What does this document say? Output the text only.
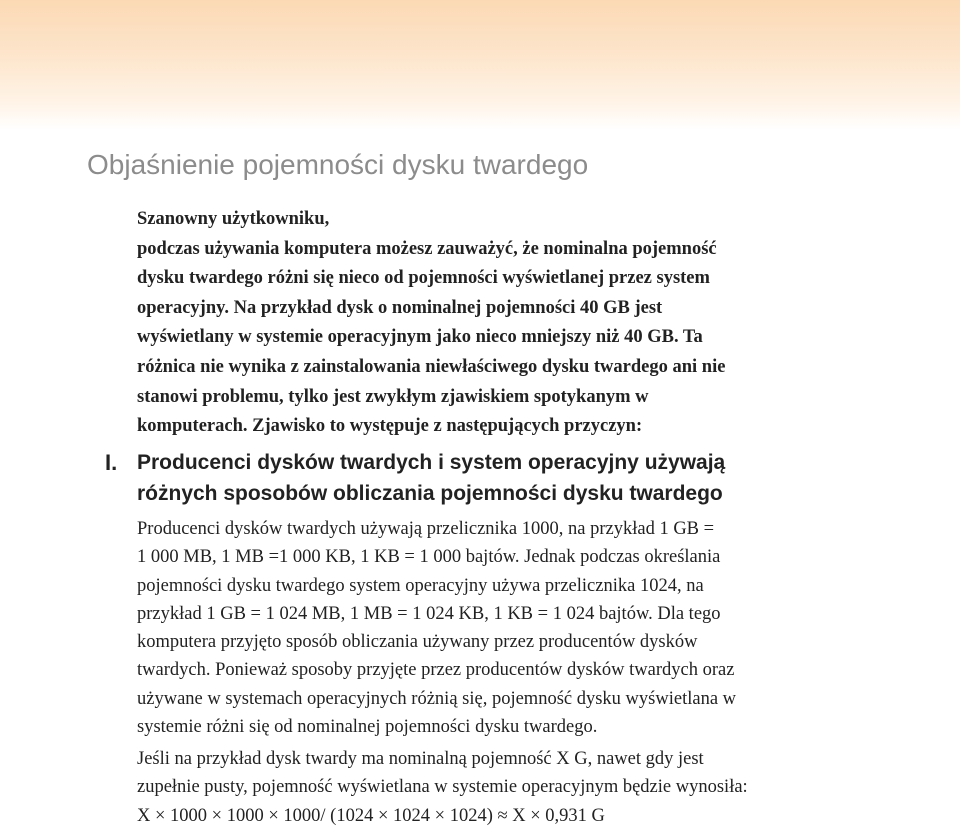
Objaśnienie pojemności dysku twardego

Szanowny użytkowniku,
podczas używania komputera możesz zauważyć, że nominalna pojemność
dysku twardego różni się nieco od pojemności wyświetlanej przez system
operacyjny. Na przykład dysk o nominalnej pojemności 40 GB jest
wyświetlany w systemie operacyjnym jako nieco mniejszy niż 40 GB. Ta
różnica nie wynika z zainstalowania niewłaściwego dysku twardego ani nie
stanowi problemu, tylko jest zwykłym zjawiskiem spotykanym w
komputerach. Zjawisko to występuje z następujących przyczyn:

I. Producenci dysków twardych i system operacyjny używają
różnych sposobów obliczania pojemności dysku twardego

Producenci dysków twardych używają przelicznika 1000, na przykład 1 GB =
1 000 MB, 1 MB =1 000 KB, 1 KB = 1 000 bajtów. Jednak podczas określania
pojemności dysku twardego system operacyjny używa przelicznika 1024, na
przykład 1 GB = 1 024 MB, 1 MB = 1 024 KB, 1 KB = 1 024 bajtów. Dla tego
komputera przyjęto sposób obliczania używany przez producentów dysków
twardych. Ponieważ sposoby przyjęte przez producentów dysków twardych oraz
używane w systemach operacyjnych różnią się, pojemność dysku wyświetlana w
systemie różni się od nominalnej pojemności dysku twardego.

Jeśli na przykład dysk twardy ma nominalną pojemność X G, nawet gdy jest
zupełnie pusty, pojemność wyświetlana w systemie operacyjnym będzie wynosiła:
X × 1000 × 1000 × 1000/ (1024 × 1024 × 1024) ≈ X × 0,931 G
